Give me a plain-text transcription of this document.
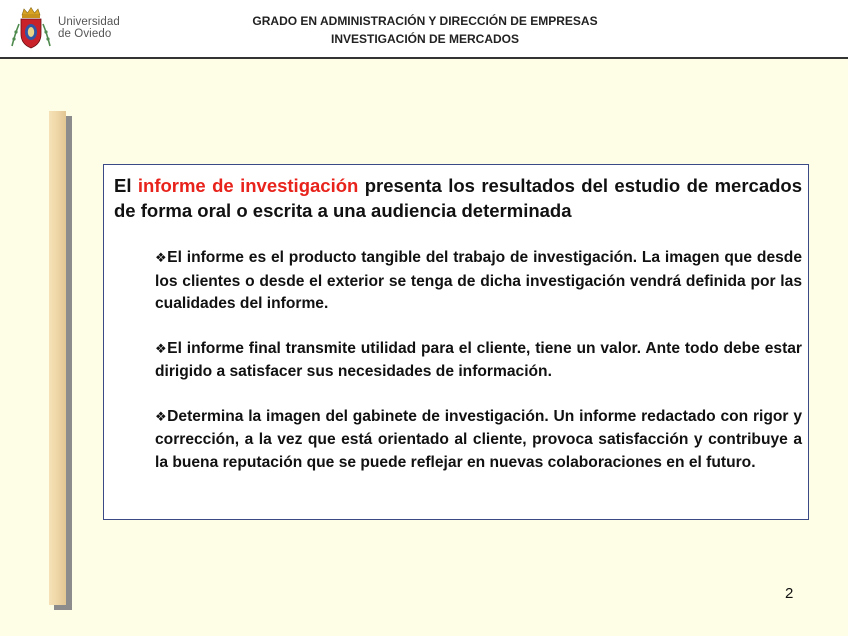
Universidad
de Oviedo
GRADO EN ADMINISTRACIÓN Y DIRECCIÓN DE EMPRESAS
INVESTIGACIÓN DE MERCADOS
El informe de investigación presenta los resultados del estudio de mercados de forma oral o escrita a una audiencia determinada

❖El informe es el producto tangible del trabajo de investigación. La imagen que desde los clientes o desde el exterior se tenga de dicha investigación vendrá definida por las cualidades del informe.

❖El informe final transmite utilidad para el cliente, tiene un valor. Ante todo debe estar dirigido a satisfacer sus necesidades de información.

❖Determina la imagen del gabinete de investigación. Un informe redactado con rigor y corrección, a la vez que está orientado al cliente, provoca satisfacción y contribuye a la buena reputación que se puede reflejar en nuevas colaboraciones en el futuro.

2
